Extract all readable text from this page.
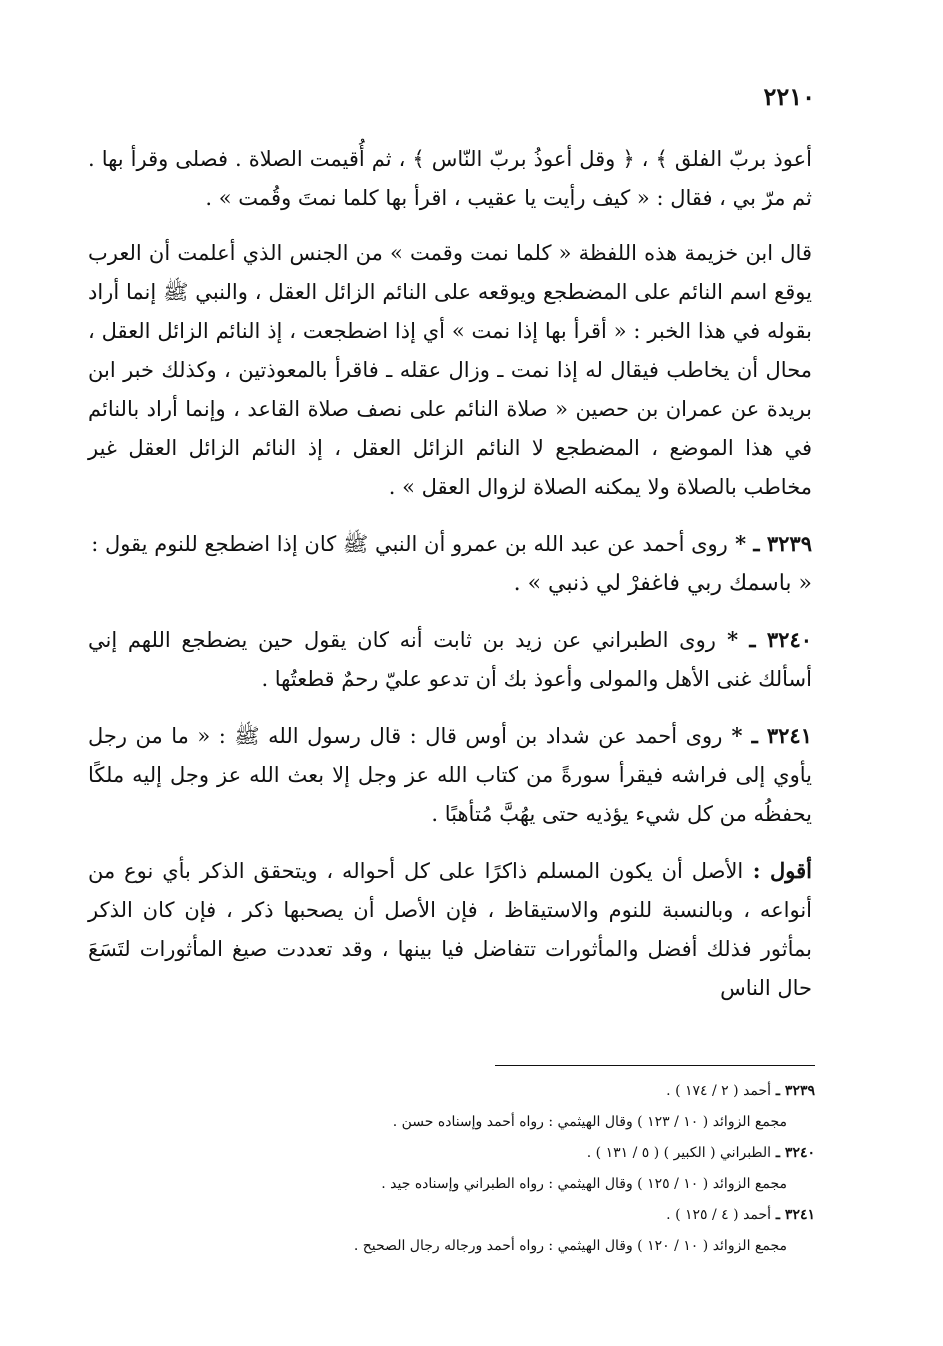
٢٢١٠

أعوذ بربّ الفلق ﴾ ، ﴿ وقل أعوذُ بربّ النّاس ﴾ ، ثم أُقيمت الصلاة . فصلى وقرأ بها . ثم مرّ بي ، فقال : « كيف رأيت يا عقيب ، اقرأ بها كلما نمتَ وقُمت » .

قال ابن خزيمة هذه اللفظة « كلما نمت وقمت » من الجنس الذي أعلمت أن العرب يوقع اسم النائم على المضطجع ويوقعه على النائم الزائل العقل ، والنبي ﷺ إنما أراد بقوله في هذا الخبر : « أقرأ بها إذا نمت » أي إذا اضطجعت ، إذ النائم الزائل العقل ، محال أن يخاطب فيقال له إذا نمت ـ وزال عقله ـ فاقرأ بالمعوذتين ، وكذلك خبر ابن بريدة عن عمران بن حصين « صلاة النائم على نصف صلاة القاعد ، وإنما أراد بالنائم في هذا الموضع ، المضطجع لا النائم الزائل العقل ، إذ النائم الزائل العقل غير مخاطب بالصلاة ولا يمكنه الصلاة لزوال العقل » .

٣٢٣٩ ـ * روى أحمد عن عبد الله بن عمرو أن النبي ﷺ كان إذا اضطجع للنوم يقول :
« باسمك ربي فاغفرْ لي ذنبي » .

٣٢٤٠ ـ * روى الطبراني عن زيد بن ثابت أنه كان يقول حين يضطجع اللهم إني أسألك غنى الأهل والمولى وأعوذ بك أن تدعو عليّ رحمٌ قطعتُها .

٣٢٤١ ـ * روى أحمد عن شداد بن أوس قال : قال رسول الله ﷺ : « ما من رجل يأوي إلى فراشه فيقرأ سورةً من كتاب الله عز وجل إلا بعث الله عز وجل إليه ملكًا يحفظُه من كل شيء يؤذيه حتى يهُبَّ مُتأهبًا .

أقول : الأصل أن يكون المسلم ذاكرًا على كل أحواله ، ويتحقق الذكر بأي نوع من أنواعه ، وبالنسبة للنوم والاستيقاظ ، فإن الأصل أن يصحبها ذكر ، فإن كان الذكر بمأثور فذلك أفضل والمأثورات تتفاضل فيا بينها ، وقد تعددت صيغ المأثورات لتَسَعَ حال الناس

٣٢٣٩ ـ أحمد ( ٢ / ١٧٤ ) .
مجمع الزوائد ( ١٠ / ١٢٣ ) وقال الهيثمي : رواه أحمد وإسناده حسن .
٣٢٤٠ ـ الطبراني ( الكبير ) ( ٥ / ١٣١ ) .
مجمع الزوائد ( ١٠ / ١٢٥ ) وقال الهيثمي : رواه الطبراني وإسناده جيد .
٣٢٤١ ـ أحمد ( ٤ / ١٢٥ ) .
مجمع الزوائد ( ١٠ / ١٢٠ ) وقال الهيثمي : رواه أحمد ورجاله رجال الصحيح .
